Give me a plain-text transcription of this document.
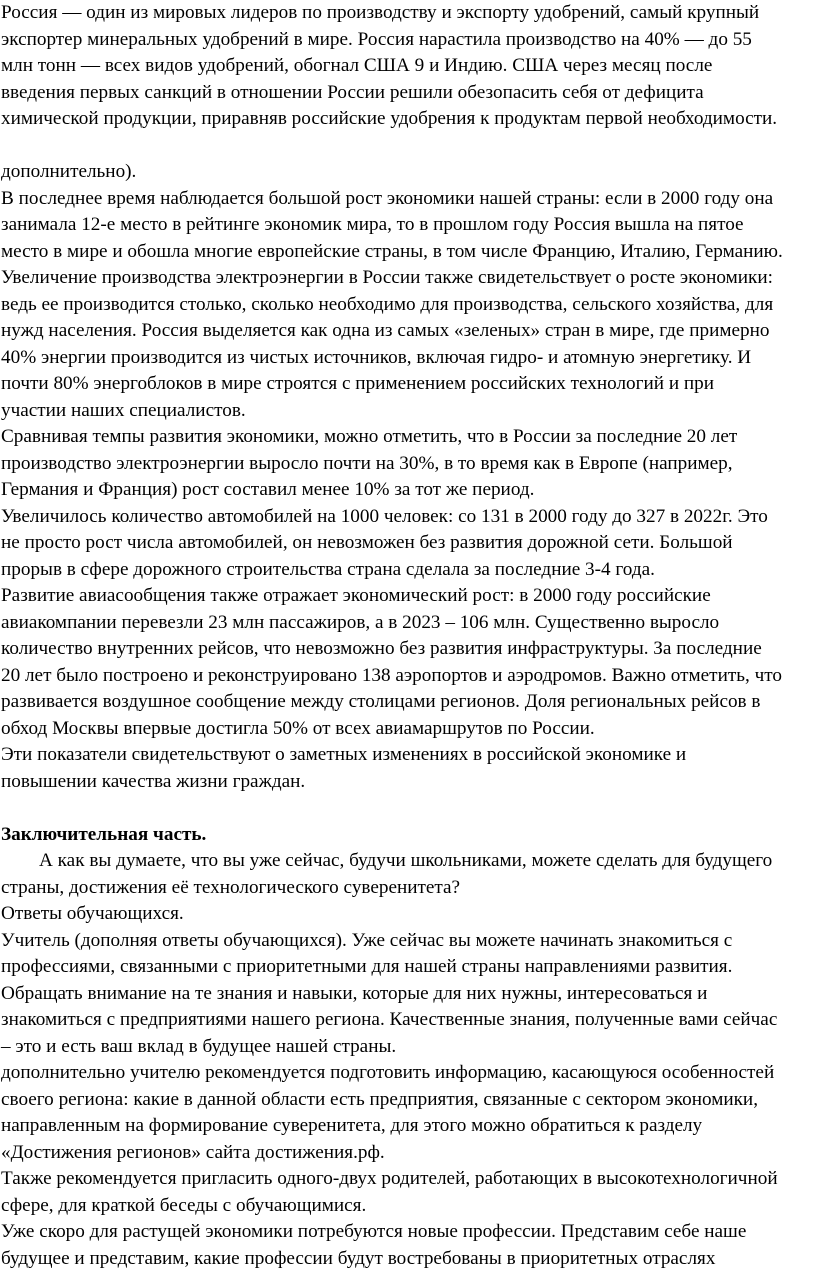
Россия — один из мировых лидеров по производству и экспорту удобрений, самый крупный
экспортер минеральных удобрений в мире. Россия нарастила производство на 40% — до 55
млн тонн — всех видов удобрений, обогнал США 9 и Индию. США через месяц после
введения первых санкций в отношении России решили обезопасить себя от дефицита
химической продукции, приравняв российские удобрения к продуктам первой необходимости.
дополнительно).
В последнее время наблюдается большой рост экономики нашей страны: если в 2000 году она
занимала 12-е место в рейтинге экономик мира, то в прошлом году Россия вышла на пятое
место в мире и обошла многие европейские страны, в том числе Францию, Италию, Германию.
Увеличение производства электроэнергии в России также свидетельствует о росте экономики:
ведь ее производится столько, сколько необходимо для производства, сельского хозяйства, для
нужд населения. Россия выделяется как одна из самых «зеленых» стран в мире, где примерно
40% энергии производится из чистых источников, включая гидро- и атомную энергетику. И
почти 80% энергоблоков в мире строятся с применением российских технологий и при
участии наших специалистов.
Сравнивая темпы развития экономики, можно отметить, что в России за последние 20 лет
производство электроэнергии выросло почти на 30%, в то время как в Европе (например,
Германия и Франция) рост составил менее 10% за тот же период.
Увеличилось количество автомобилей на 1000 человек: со 131 в 2000 году до 327 в 2022г. Это
не просто рост числа автомобилей, он невозможен без развития дорожной сети. Большой
прорыв в сфере дорожного строительства страна сделала за последние 3-4 года.
Развитие авиасообщения также отражает экономический рост: в 2000 году российские
авиакомпании перевезли 23 млн пассажиров, а в 2023 – 106 млн. Существенно выросло
количество внутренних рейсов, что невозможно без развития инфраструктуры. За последние
20 лет было построено и реконструировано 138 аэропортов и аэродромов. Важно отметить, что
развивается воздушное сообщение между столицами регионов. Доля региональных рейсов в
обход Москвы впервые достигла 50% от всех авиамаршрутов по России.
Эти показатели свидетельствуют о заметных изменениях в российской экономике и
повышении качества жизни граждан.
Заключительная часть.
А как вы думаете, что вы уже сейчас, будучи школьниками, можете сделать для будущего
страны, достижения её технологического суверенитета?
Ответы обучающихся.
Учитель (дополняя ответы обучающихся). Уже сейчас вы можете начинать знакомиться с
профессиями, связанными с приоритетными для нашей страны направлениями развития.
Обращать внимание на те знания и навыки, которые для них нужны, интересоваться и
знакомиться с предприятиями нашего региона. Качественные знания, полученные вами сейчас
– это и есть ваш вклад в будущее нашей страны.
дополнительно учителю рекомендуется подготовить информацию, касающуюся особенностей
своего региона: какие в данной области есть предприятия, связанные с сектором экономики,
направленным на формирование суверенитета, для этого можно обратиться к разделу
«Достижения регионов» сайта достижения.рф.
Также рекомендуется пригласить одного-двух родителей, работающих в высокотехнологичной
сфере, для краткой беседы с обучающимися.
Уже скоро для растущей экономики потребуются новые профессии. Представим себе наше
будущее и представим, какие профессии будут востребованы в приоритетных отраслях
